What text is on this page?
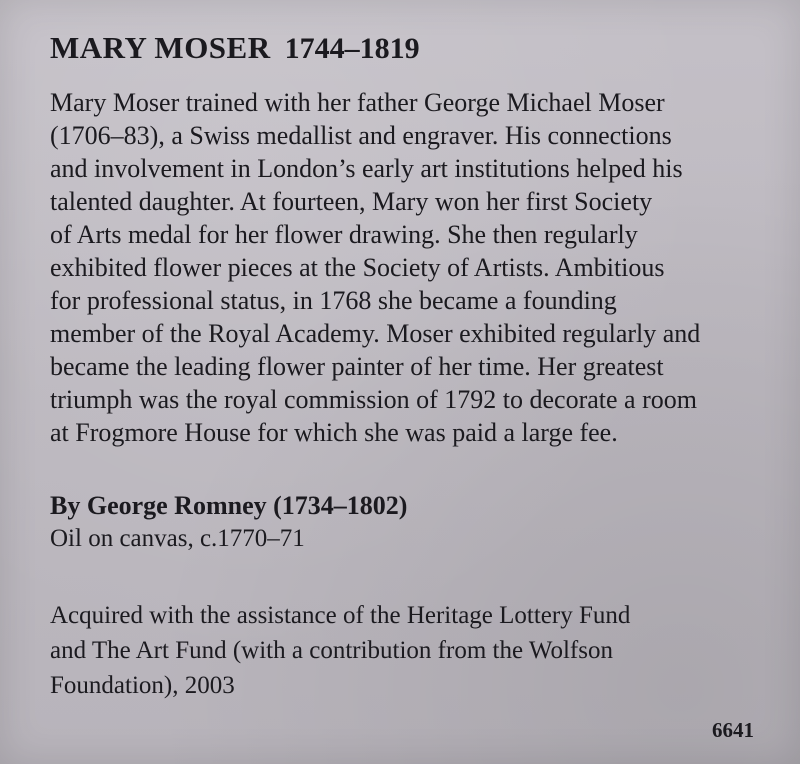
MARY MOSER 1744–1819
Mary Moser trained with her father George Michael Moser
(1706–83), a Swiss medallist and engraver. His connections
and involvement in London’s early art institutions helped his
talented daughter. At fourteen, Mary won her first Society
of Arts medal for her flower drawing. She then regularly
exhibited flower pieces at the Society of Artists. Ambitious
for professional status, in 1768 she became a founding
member of the Royal Academy. Moser exhibited regularly and
became the leading flower painter of her time. Her greatest
triumph was the royal commission of 1792 to decorate a room
at Frogmore House for which she was paid a large fee.
By George Romney (1734–1802)
Oil on canvas, c.1770–71
Acquired with the assistance of the Heritage Lottery Fund
and The Art Fund (with a contribution from the Wolfson
Foundation), 2003
6641
